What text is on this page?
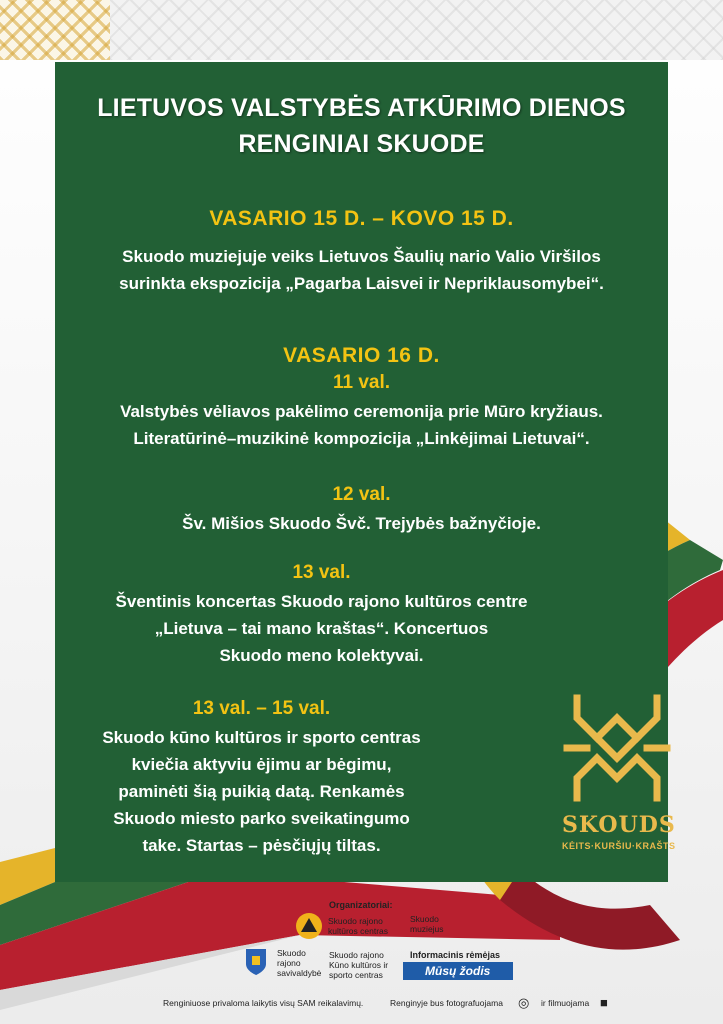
LIETUVOS VALSTYBĖS ATKŪRIMO DIENOS
RENGINIAI SKUODE
VASARIO 15 D. – KOVO 15 D.
Skuodo muziejuje veiks Lietuvos Šaulių nario Valio Viršilos
surinkta ekspozicija „Pagarba Laisvei ir Nepriklausomybei“.
VASARIO 16 D.
11 val.
Valstybės vėliavos pakėlimo ceremonija prie Mūro kryžiaus.
Literatūrinė–muzikinė kompozicija „Linkėjimai Lietuvai“.
12 val.
Šv. Mišios Skuodo Švč. Trejybės bažnyčioje.
13 val.
Šventinis koncertas Skuodo rajono kultūros centre
„Lietuva – tai mano kraštas“. Koncertuos
Skuodo meno kolektyvai.
13 val. – 15 val.
Skuodo kūno kultūros ir sporto centras
kviečia aktyviu ėjimu ar bėgimu,
paminėti šią puikią datą. Renkamės
Skuodo miesto parko sveikatingumo
take. Startas – pėsčiųjų tiltas.
SKOUDS
KĖITS·KURŠIU·KRAŠTS
Organizatoriai:
Skuodo rajono
kultūros centras
Skuodo
muziejus
Skuodo
rajono
savivaldybė
Skuodo rajono
Kūno kultūros ir
sporto centras
Informacinis rėmėjas
Mūsų žodis
Renginiuose privaloma laikytis visų SAM reikalavimų.	Renginyje bus fotografuojama ◎ ir filmuojama ■
